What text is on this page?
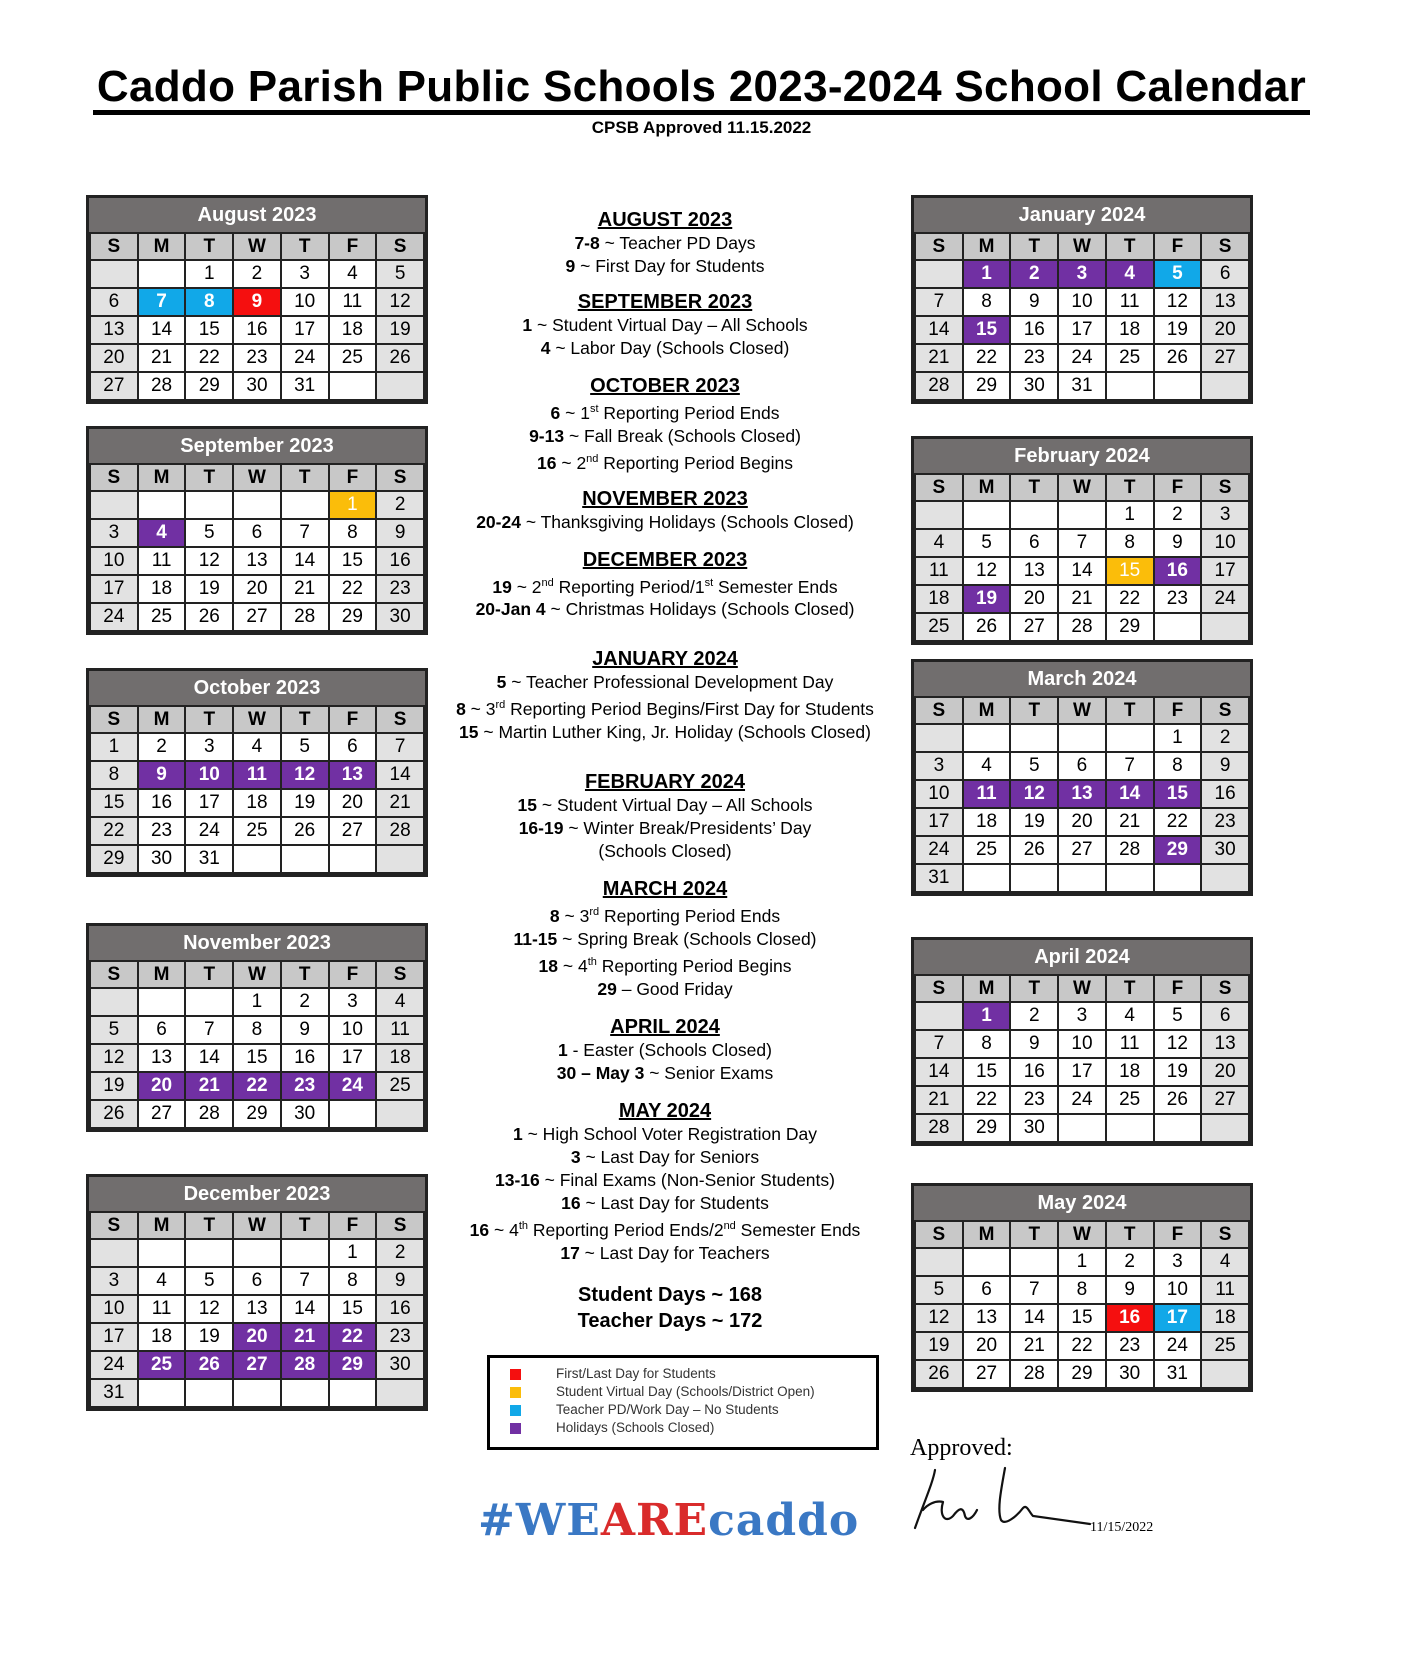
Caddo Parish Public Schools 2023-2024 School Calendar
CPSB Approved 11.15.2022
August 2023
S	M	T	W	T	F	S
		1	2	3	4	5
6	7	8	9	10	11	12
13	14	15	16	17	18	19
20	21	22	23	24	25	26
27	28	29	30	31		
September 2023
S	M	T	W	T	F	S
					1	2
3	4	5	6	7	8	9
10	11	12	13	14	15	16
17	18	19	20	21	22	23
24	25	26	27	28	29	30
October 2023
S	M	T	W	T	F	S
1	2	3	4	5	6	7
8	9	10	11	12	13	14
15	16	17	18	19	20	21
22	23	24	25	26	27	28
29	30	31				
November 2023
S	M	T	W	T	F	S
			1	2	3	4
5	6	7	8	9	10	11
12	13	14	15	16	17	18
19	20	21	22	23	24	25
26	27	28	29	30		
December 2023
S	M	T	W	T	F	S
					1	2
3	4	5	6	7	8	9
10	11	12	13	14	15	16
17	18	19	20	21	22	23
24	25	26	27	28	29	30
31						
January 2024
S	M	T	W	T	F	S
	1	2	3	4	5	6
7	8	9	10	11	12	13
14	15	16	17	18	19	20
21	22	23	24	25	26	27
28	29	30	31			
February 2024
S	M	T	W	T	F	S
				1	2	3
4	5	6	7	8	9	10
11	12	13	14	15	16	17
18	19	20	21	22	23	24
25	26	27	28	29		
March 2024
S	M	T	W	T	F	S
					1	2
3	4	5	6	7	8	9
10	11	12	13	14	15	16
17	18	19	20	21	22	23
24	25	26	27	28	29	30
31						
April 2024
S	M	T	W	T	F	S
	1	2	3	4	5	6
7	8	9	10	11	12	13
14	15	16	17	18	19	20
21	22	23	24	25	26	27
28	29	30				
May 2024
S	M	T	W	T	F	S
			1	2	3	4
5	6	7	8	9	10	11
12	13	14	15	16	17	18
19	20	21	22	23	24	25
26	27	28	29	30	31	
AUGUST 2023
7-8 ~ Teacher PD Days
9 ~ First Day for Students
SEPTEMBER 2023
1 ~ Student Virtual Day – All Schools
4 ~ Labor Day (Schools Closed)
OCTOBER 2023
6 ~ 1st Reporting Period Ends
9-13 ~ Fall Break (Schools Closed)
16 ~ 2nd Reporting Period Begins
NOVEMBER 2023
20-24 ~ Thanksgiving Holidays (Schools Closed)
DECEMBER 2023
19 ~ 2nd Reporting Period/1st Semester Ends
20-Jan 4 ~ Christmas Holidays (Schools Closed)
JANUARY 2024
5 ~ Teacher Professional Development Day
8 ~ 3rd Reporting Period Begins/First Day for Students
15 ~ Martin Luther King, Jr. Holiday (Schools Closed)
FEBRUARY 2024
15 ~ Student Virtual Day – All Schools
16-19 ~ Winter Break/Presidents’ Day
(Schools Closed)
MARCH 2024
8 ~ 3rd Reporting Period Ends
11-15 ~ Spring Break (Schools Closed)
18 ~ 4th Reporting Period Begins
29 – Good Friday
APRIL 2024
1 - Easter (Schools Closed)
30 – May 3 ~ Senior Exams
MAY 2024
1 ~ High School Voter Registration Day
3 ~ Last Day for Seniors
13-16 ~ Final Exams (Non-Senior Students)
16 ~ Last Day for Students
16 ~ 4th Reporting Period Ends/2nd Semester Ends
17 ~ Last Day for Teachers
Student Days ~ 168
Teacher Days ~ 172
First/Last Day for Students
Student Virtual Day (Schools/District Open)
Teacher PD/Work Day – No Students
Holidays (Schools Closed)
Approved:
11/15/2022
#WEAREcaddo
